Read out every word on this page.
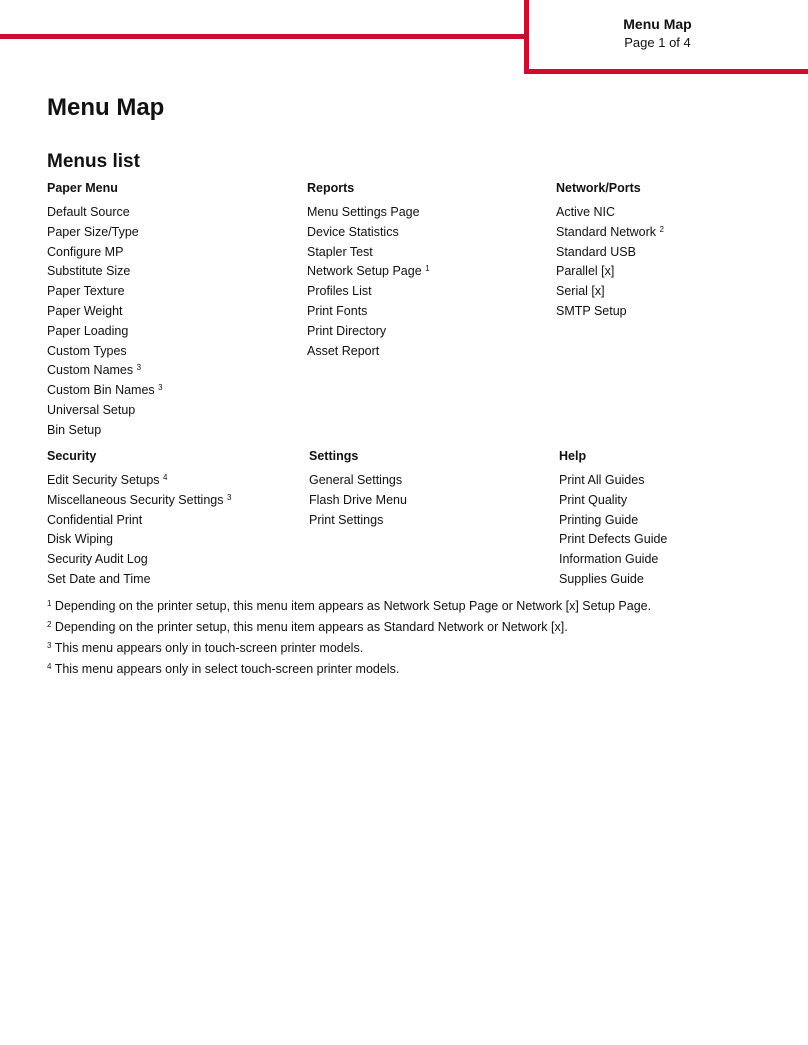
Menu Map
Page 1 of 4
Menu Map
Menus list
Paper Menu
Default Source
Paper Size/Type
Configure MP
Substitute Size
Paper Texture
Paper Weight
Paper Loading
Custom Types
Custom Names $^3$
Custom Bin Names $^3$
Universal Setup
Bin Setup
Reports
Menu Settings Page
Device Statistics
Stapler Test
Network Setup Page $^1$
Profiles List
Print Fonts
Print Directory
Asset Report
Network/Ports
Active NIC
Standard Network $^2$
Standard USB
Parallel [x]
Serial [x]
SMTP Setup
Security
Edit Security Setups $^4$
Miscellaneous Security Settings $^3$
Confidential Print
Disk Wiping
Security Audit Log
Set Date and Time
Settings
General Settings
Flash Drive Menu
Print Settings
Help
Print All Guides
Print Quality
Printing Guide
Print Defects Guide
Information Guide
Supplies Guide
$^1$ Depending on the printer setup, this menu item appears as Network Setup Page or Network [x] Setup Page.
$^2$ Depending on the printer setup, this menu item appears as Standard Network or Network [x].
$^3$ This menu appears only in touch-screen printer models.
$^4$ This menu appears only in select touch-screen printer models.
